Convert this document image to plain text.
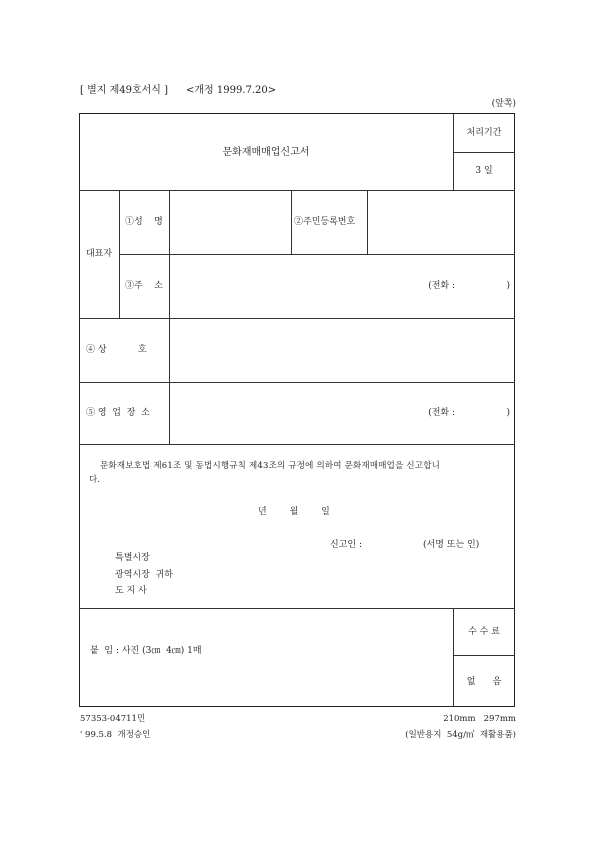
[ 별지 제49호서식 ] <개정 1999.7.20>
(앞쪽)
문화재매매업신고서
처리기간
3 일
대표자
①성    명	②주민등록번호
③주    소	(전화 :                  )
④ 상           호
⑤ 영  업  장  소	(전화 :                  )
문화재보호법 제61조 및 동법시행규칙 제43조의 규정에 의하여 문화재매매업을 신고합니
다.
년        월        일
신고인 :	(서명 또는 인)
특별시장
광역시장  귀하
도 지 사
붙  임 : 사진 (3㎝  4㎝) 1매
수 수 료
없      음
57353-04711민
' 99.5.8  개정승인
210mm   297mm
(일반용지  54g/㎡  재활용품)
